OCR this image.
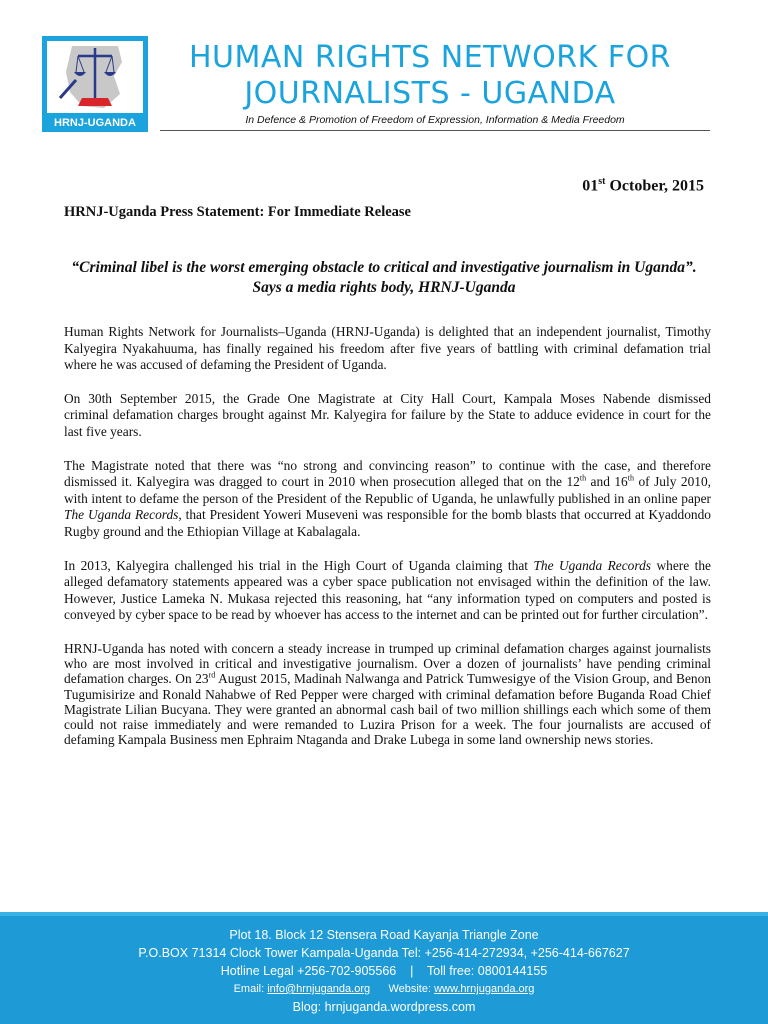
HRNJ-UGANDA
HUMAN RIGHTS NETWORK FOR
JOURNALISTS - UGANDA
In Defence & Promotion of Freedom of Expression, Information & Media Freedom
01st October, 2015
HRNJ-Uganda Press Statement: For Immediate Release
“Criminal libel is the worst emerging obstacle to critical and investigative journalism in Uganda”. Says a media rights body, HRNJ-Uganda

Human Rights Network for Journalists–Uganda (HRNJ-Uganda) is delighted that an independent journalist, Timothy Kalyegira Nyakahuuma, has finally regained his freedom after five years of battling with criminal defamation trial where he was accused of defaming the President of Uganda.

On 30th September 2015, the Grade One Magistrate at City Hall Court, Kampala Moses Nabende dismissed        criminal defamation charges brought against Mr. Kalyegira for failure by the State to adduce evidence in court for the last five years.

The Magistrate noted that there was “no strong and convincing reason” to continue with the case, and therefore dismissed it. Kalyegira was dragged to court in 2010 when prosecution alleged that on the 12th and 16th of July 2010, with intent to defame the person of the President of the Republic of Uganda, he unlawfully published in an online paper The Uganda Records, that President Yoweri Museveni was responsible for the bomb blasts that occurred at Kyaddondo Rugby ground and the Ethiopian Village at Kabalagala.

In 2013, Kalyegira challenged his trial in the High Court of Uganda claiming that The Uganda Records where the alleged defamatory statements appeared was a cyber space publication not envisaged within the definition of the law. However, Justice Lameka N. Mukasa rejected this reasoning, hat “any information typed on computers and posted is conveyed by cyber space to be read by whoever has access to the internet and can be printed out for further circulation”.

HRNJ-Uganda has noted with concern a steady increase in trumped up criminal defamation charges against journalists who are most involved in critical and investigative journalism. Over a dozen of journalists’ have pending criminal defamation charges. On 23rd August 2015, Madinah Nalwanga and Patrick Tumwesigye of the Vision Group, and Benon Tugumisirize and Ronald Nahabwe of Red Pepper were charged with criminal defamation before Buganda Road Chief Magistrate Lilian Bucyana. They were granted an abnormal cash bail of two million shillings each which some of them could not raise immediately and were remanded to Luzira Prison for a week. The four journalists are accused of defaming Kampala Business men Ephraim Ntaganda and Drake Lubega in some land ownership news stories.

Plot 18. Block 12 Stensera Road Kayanja Triangle Zone
P.O.BOX 71314 Clock Tower Kampala-Uganda Tel: +256-414-272934, +256-414-667627
Hotline Legal +256-702-905566    |    Toll free: 0800144155
Email: info@hrnjuganda.org      Website: www.hrnjuganda.org
Blog: hrnjuganda.wordpress.com
